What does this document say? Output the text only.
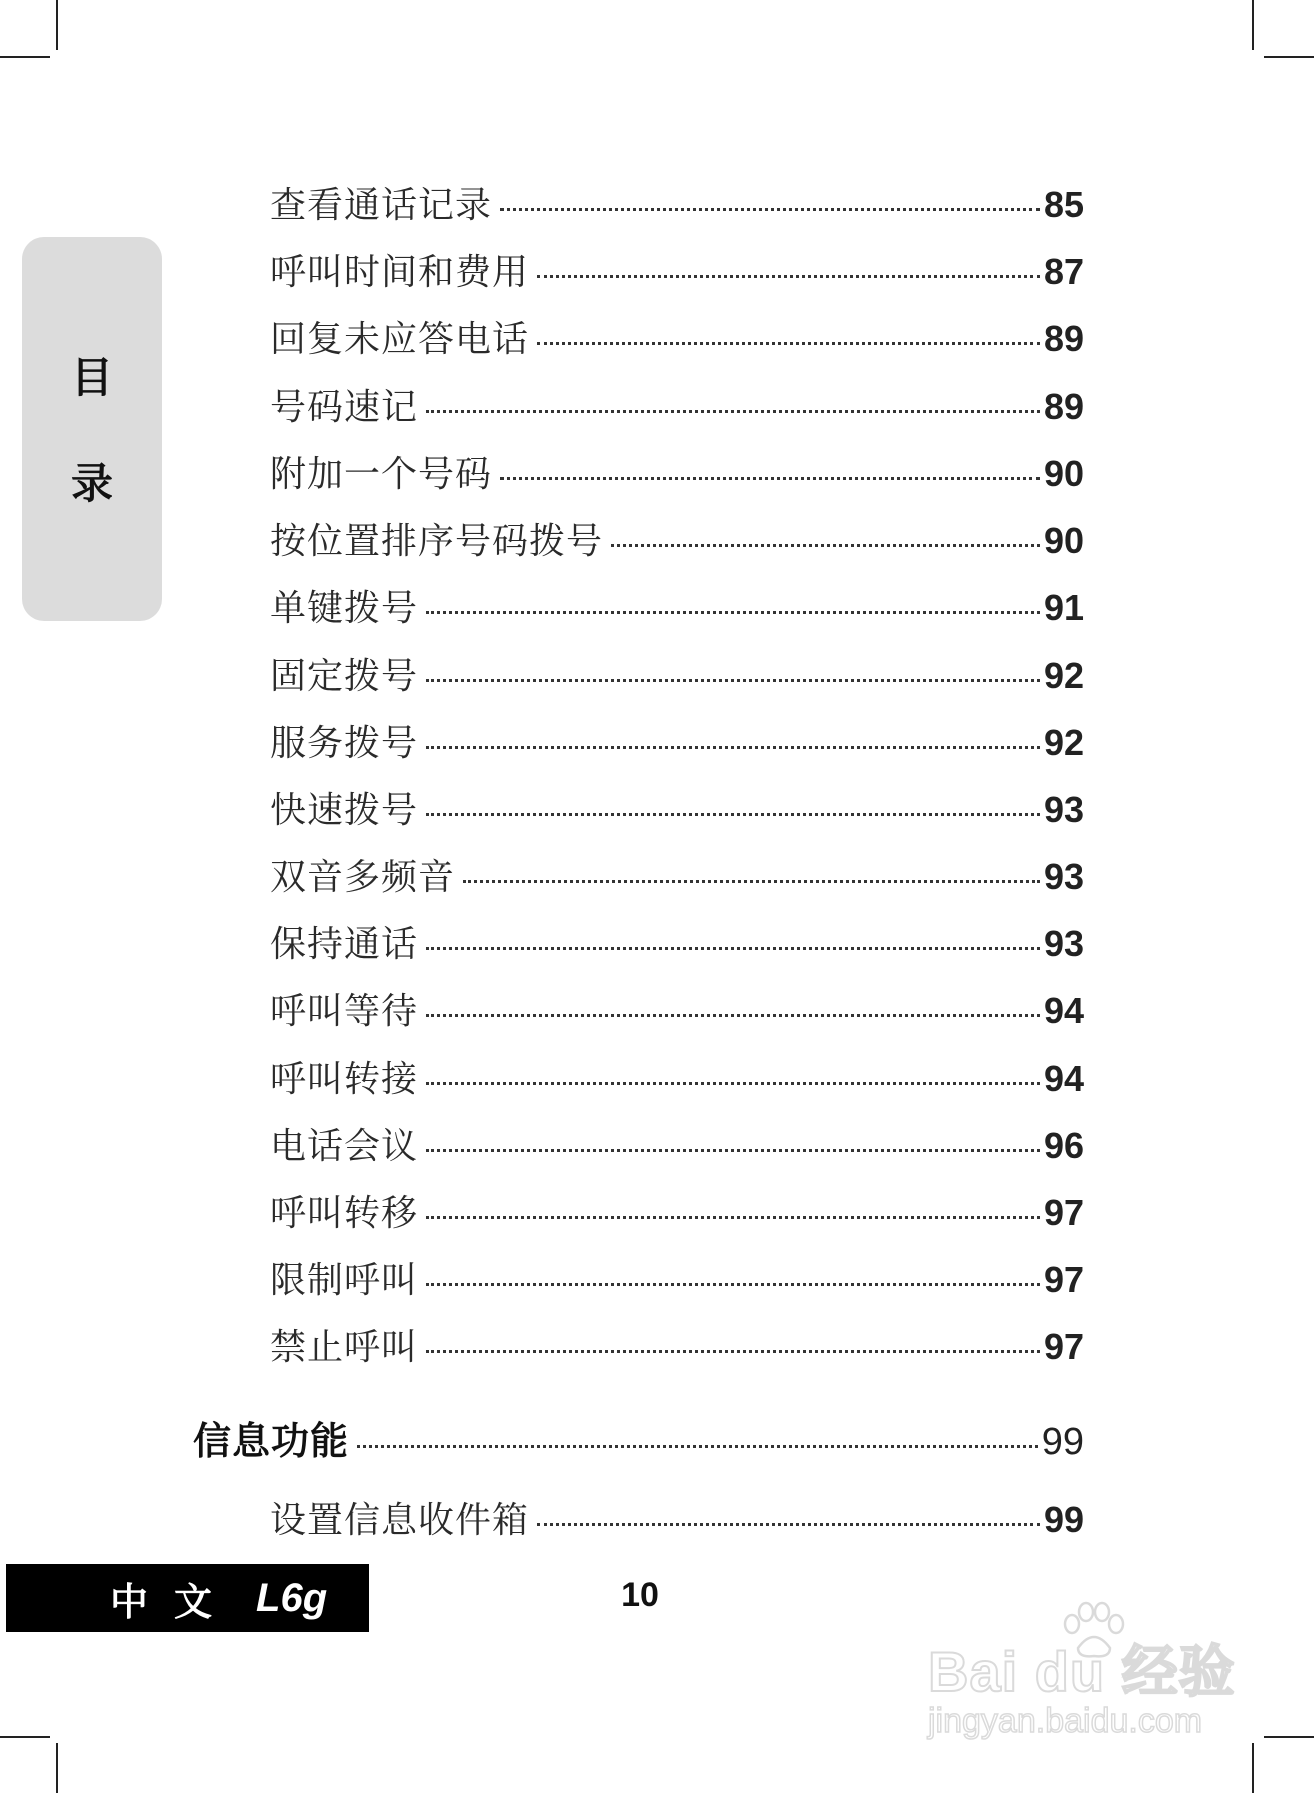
目
录
查看通话记录	85
呼叫时间和费用	87
回复未应答电话	89
号码速记	89
附加一个号码	90
按位置排序号码拨号	90
单键拨号	91
固定拨号	92
服务拨号	92
快速拨号	93
双音多频音	93
保持通话	93
呼叫等待	94
呼叫转接	94
电话会议	96
呼叫转移	97
限制呼叫	97
禁止呼叫	97
信息功能	99
设置信息收件箱	99
中文 L6g	10
Bai du 经验
jingyan.baidu.com
